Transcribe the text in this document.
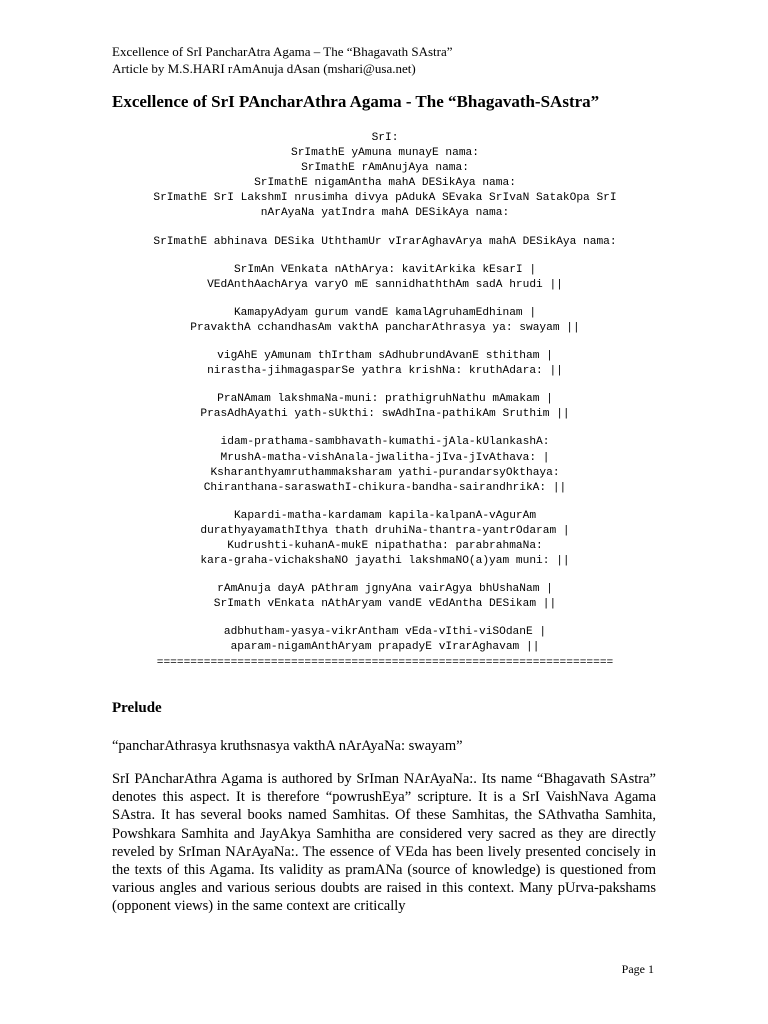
Excellence of SrI PancharAtra Agama – The “Bhagavath SAstra”
Article by M.S.HARI rAmAnuja dAsan (mshari@usa.net)
Excellence of SrI PAncharAthra Agama - The “Bhagavath-SAstra”
SrI:
SrImathE yAmuna munayE nama:
SrImathE rAmAnujAya nama:
SrImathE nigamAntha mahA DESikAya nama:
SrImathE SrI LakshmI nrusimha divya pAdukA SEvaka SrIvaN SatakOpa SrI
nArAyaNa yatIndra mahA DESikAya nama:
SrImathE abhinava DESika UththamUr vIrarAghavArya mahA DESikAya nama:
SrImAn VEnkata nAthArya: kavitArkika kEsarI |
VEdAnthAachArya varyO mE sannidhaththAm sadA hrudi ||
KamapyAdyam gurum vandE kamalAgruhamEdhinam |
PravakthA cchandhasAm vakthA pancharAthrasya ya: swayam ||
vigAhE yAmunam thIrtham sAdhubrundAvanE sthitham |
nirastha-jihmagasparSe yathra krishNa: kruthAdara: ||
PraNAmam lakshmaNa-muni: prathigruhNathu mAmakam |
PrasAdhAyathi yath-sUkthi: swAdhIna-pathikAm Sruthim ||
idam-prathama-sambhavath-kumathi-jAla-kUlankashA:
MrushA-matha-vishAnala-jwalitha-jIva-jIvAthava: |
Ksharanthyamruthammaksharam yathi-purandarsyOkthaya:
Chiranthana-saraswathI-chikura-bandha-sairandhrikA: ||
Kapardi-matha-kardamam kapila-kalpanA-vAgurAm
durathyayamathIthya thath druhiNa-thantra-yantrOdaram |
Kudrushti-kuhanA-mukE nipathatha: parabrahmaNa:
kara-graha-vichakshaNO jayathi lakshmaNO(a)yam muni: ||
rAmAnuja dayA pAthram jgnyAna vairAgya bhUshaNam |
SrImath vEnkata nAthAryam vandE vEdAntha DESikam ||
adbhutham-yasya-vikrAntham vEda-vIthi-viSOdanE |
aparam-nigamAnthAryam prapadyE vIrarAghavam ||
====================================================================
Prelude
“pancharAthrasya kruthsnasya vakthA nArAyaNa: swayam”
SrI PAncharAthra Agama is authored by SrIman NArAyaNa:. Its name “Bhagavath SAstra” denotes this aspect. It is therefore “powrushEya” scripture. It is a SrI VaishNava Agama SAstra. It has several books named Samhitas. Of these Samhitas, the SAthvatha Samhita, Powshkara Samhita and JayAkya Samhitha are considered very sacred as they are directly reveled by SrIman NArAyaNa:. The essence of VEda has been lively presented concisely in the texts of this Agama. Its validity as pramANa (source of knowledge) is questioned from various angles and various serious doubts are raised in this context. Many pUrva-pakshams (opponent views) in the same context are critically
Page 1
